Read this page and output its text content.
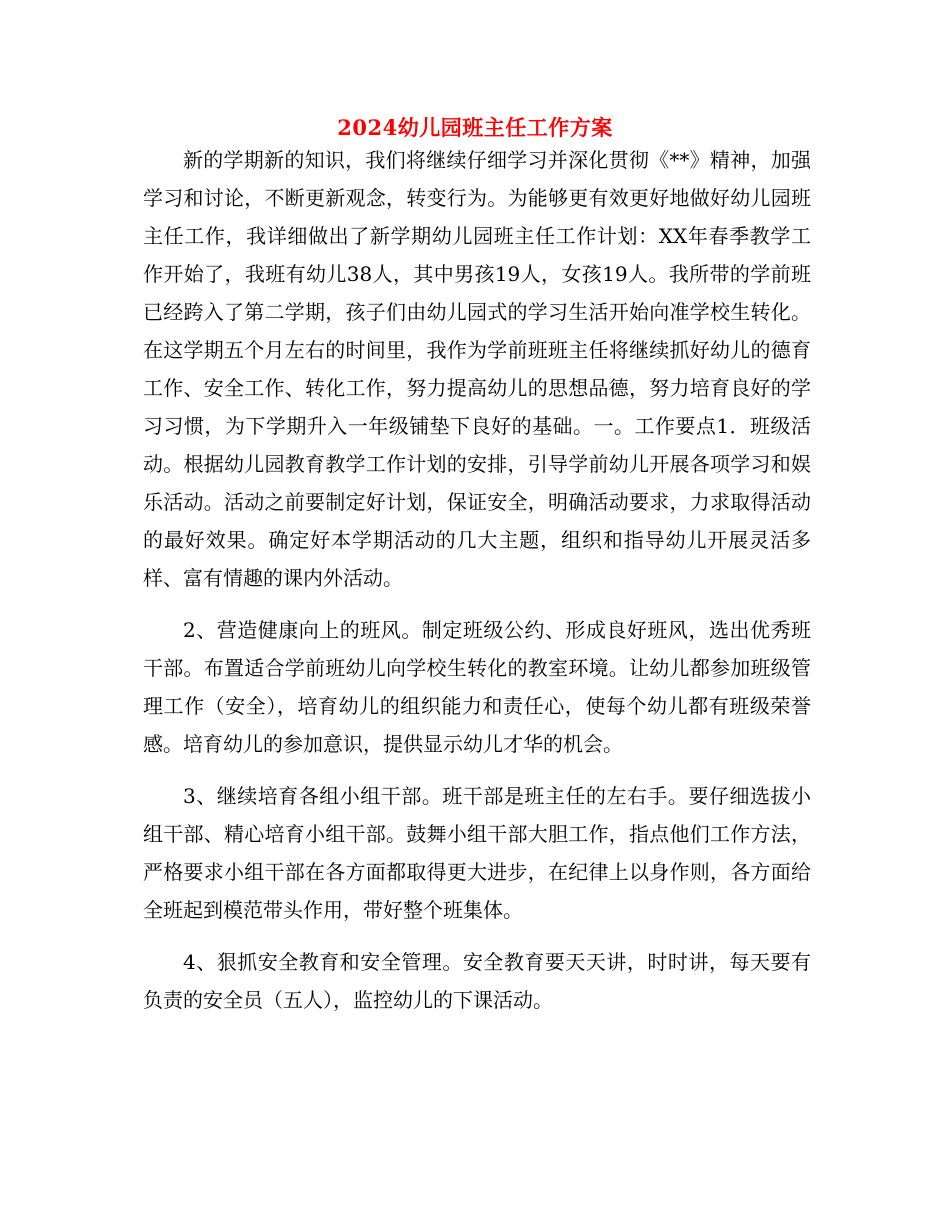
2024幼儿园班主任工作方案

新的学期新的知识，我们将继续仔细学习并深化贯彻《**》精神，加强学习和讨论，不断更新观念，转变行为。为能够更有效更好地做好幼儿园班主任工作，我详细做出了新学期幼儿园班主任工作计划：XX年春季教学工作开始了，我班有幼儿38人，其中男孩19人，女孩19人。我所带的学前班已经跨入了第二学期，孩子们由幼儿园式的学习生活开始向准学校生转化。在这学期五个月左右的时间里，我作为学前班班主任将继续抓好幼儿的德育工作、安全工作、转化工作，努力提高幼儿的思想品德，努力培育良好的学习习惯，为下学期升入一年级铺垫下良好的基础。一。工作要点1．班级活动。根据幼儿园教育教学工作计划的安排，引导学前幼儿开展各项学习和娱乐活动。活动之前要制定好计划，保证安全，明确活动要求，力求取得活动的最好效果。确定好本学期活动的几大主题，组织和指导幼儿开展灵活多样、富有情趣的课内外活动。

2、营造健康向上的班风。制定班级公约、形成良好班风，选出优秀班干部。布置适合学前班幼儿向学校生转化的教室环境。让幼儿都参加班级管理工作（安全），培育幼儿的组织能力和责任心，使每个幼儿都有班级荣誉感。培育幼儿的参加意识，提供显示幼儿才华的机会。

3、继续培育各组小组干部。班干部是班主任的左右手。要仔细选拔小组干部、精心培育小组干部。鼓舞小组干部大胆工作，指点他们工作方法，严格要求小组干部在各方面都取得更大进步，在纪律上以身作则，各方面给全班起到模范带头作用，带好整个班集体。

4、狠抓安全教育和安全管理。安全教育要天天讲，时时讲，每天要有负责的安全员（五人），监控幼儿的下课活动。
